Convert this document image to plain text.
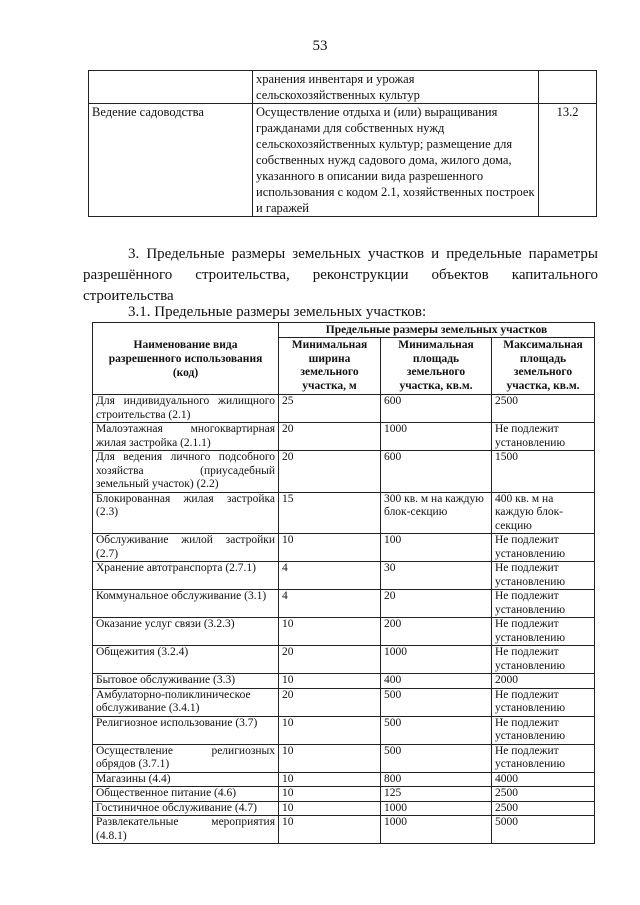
53
	хранения инвентаря и урожая сельскохозяйственных культур	
Ведение садоводства	Осуществление отдыха и (или) выращивания гражданами для собственных нужд сельскохозяйственных культур; размещение для собственных нужд садового дома, жилого дома, указанного в описании вида разрешенного использования с кодом 2.1, хозяйственных построек и гаражей	13.2

3. Предельные размеры земельных участков и предельные параметры
разрешённого строительства, реконструкции объектов капитального
строительства

3.1. Предельные размеры земельных участков:

Наименование вида разрешенного использования (код)	Предельные размеры земельных участков		
	Минимальная ширина земельного участка, м	Минимальная площадь земельного участка, кв.м.	Максимальная площадь земельного участка, кв.м.
Для индивидуального жилищного строительства (2.1)	25	600	2500
Малоэтажная многоквартирная жилая застройка (2.1.1)	20	1000	Не подлежит установлению
Для ведения личного подсобного хозяйства (приусадебный земельный участок) (2.2)	20	600	1500
Блокированная жилая застройка (2.3)	15	300 кв. м на каждую блок-секцию	400 кв. м на каждую блок-секцию
Обслуживание жилой застройки (2.7)	10	100	Не подлежит установлению
Хранение автотранспорта (2.7.1)	4	30	Не подлежит установлению
Коммунальное обслуживание (3.1)	4	20	Не подлежит установлению
Оказание услуг связи (3.2.3)	10	200	Не подлежит установлению
Общежития (3.2.4)	20	1000	Не подлежит установлению
Бытовое обслуживание (3.3)	10	400	2000
Амбулаторно-поликлиническое обслуживание (3.4.1)	20	500	Не подлежит установлению
Религиозное использование (3.7)	10	500	Не подлежит установлению
Осуществление религиозных обрядов (3.7.1)	10	500	Не подлежит установлению
Магазины (4.4)	10	800	4000
Общественное питание (4.6)	10	125	2500
Гостиничное обслуживание (4.7)	10	1000	2500
Развлекательные мероприятия (4.8.1)	10	1000	5000
